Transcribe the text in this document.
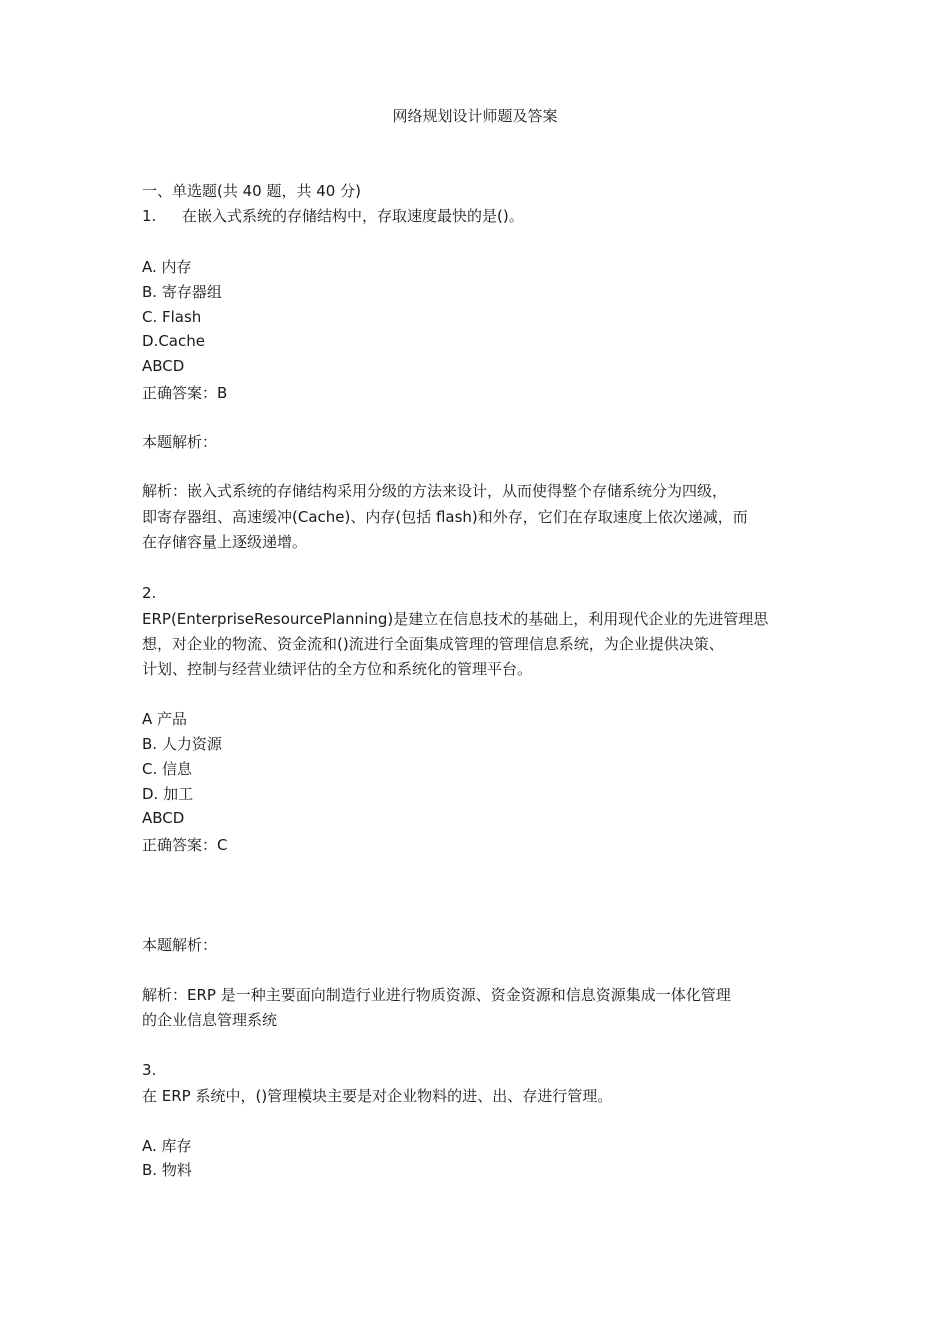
网络规划设计师题及答案
一、单选题(共 40 题，共 40 分)
1. 在嵌入式系统的存储结构中，存取速度最快的是()。
A. 内存
B. 寄存器组
C. Flash
D.Cache
ABCD
正确答案：B
本题解析：
解析：嵌入式系统的存储结构采用分级的方法来设计，从而使得整个存储系统分为四级，
即寄存器组、高速缓冲(Cache)、内存(包括 flash)和外存，它们在存取速度上依次递减，而
在存储容量上逐级递增。
2.
ERP(EnterpriseResourcePlanning)是建立在信息技术的基础上，利用现代企业的先进管理思
想，对企业的物流、资金流和()流进行全面集成管理的管理信息系统，为企业提供决策、
计划、控制与经营业绩评估的全方位和系统化的管理平台。
A 产品
B. 人力资源
C. 信息
D. 加工
ABCD
正确答案：C
本题解析：
解析：ERP 是一种主要面向制造行业进行物质资源、资金资源和信息资源集成一体化管理
的企业信息管理系统
3.
在 ERP 系统中，()管理模块主要是对企业物料的进、出、存进行管理。
A. 库存
B. 物料
